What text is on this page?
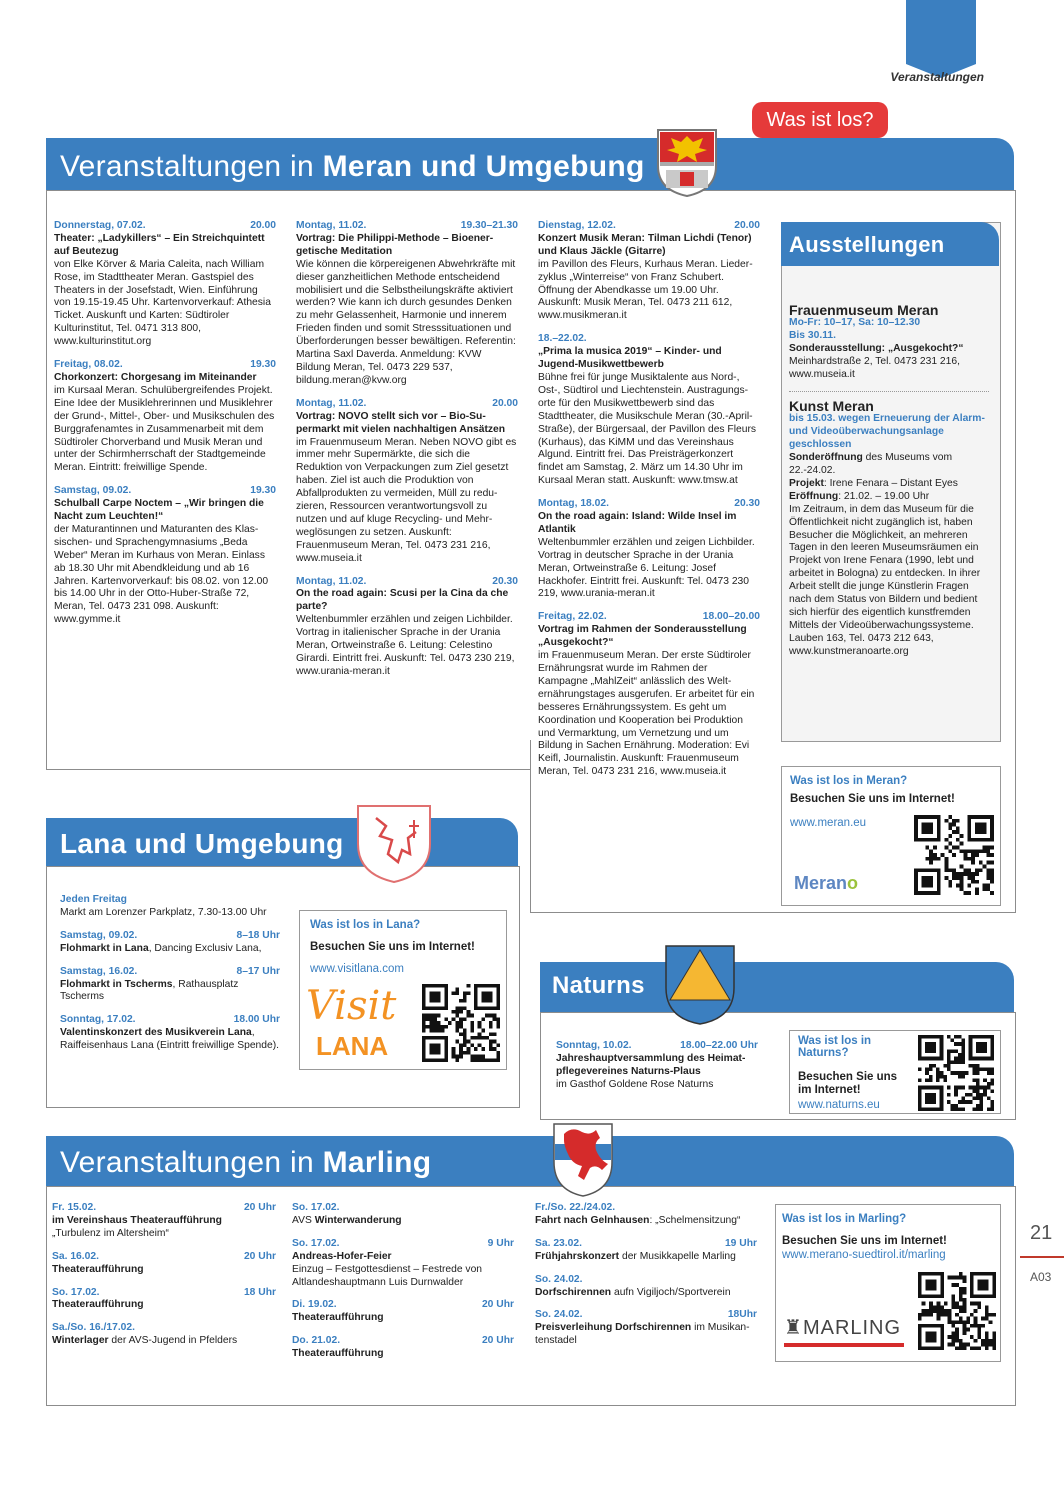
Veranstaltungen
Was ist los?
Veranstaltungen in Meran und Umgebung
Donnerstag, 07.02.	20.00
Theater: „Ladykillers“ – Ein Streichquintett auf Beutezug
von Elke Körver & Maria Caleita, nach William Rose, im Stadttheater Meran. Gastspiel des Theaters in der Josefstadt, Wien. Einführung von 19.15-19.45 Uhr. Kartenvorverkauf: Athesia Ticket. Auskunft und Karten: Südtiroler Kulturinstitut, Tel. 0471 313 800, www.kulturinstitut.org
Freitag, 08.02.	19.30
Chorkonzert: Chorgesang im Miteinander
im Kursaal Meran. Schulübergreifendes Projekt. Eine Idee der Musiklehrerinnen und Musiklehrer der Grund-, Mittel-, Ober- und Musikschulen des Burggrafenamtes in Zusammenarbeit mit dem Südtiroler Chorverband und Musik Meran und unter der Schirmherrschaft der Stadtgemeinde Meran. Eintritt: freiwillige Spende.
Samstag, 09.02.	19.30
Schulball Carpe Noctem – „Wir bringen die Nacht zum Leuchten!“
der Maturantinnen und Maturanten des Klassischen- und Sprachengymnasiums „Beda Weber“ Meran im Kurhaus von Meran. Einlass ab 18.30 Uhr mit Abendkleidung und ab 16 Jahren. Kartenvorverkauf: bis 08.02. von 12.00 bis 14.00 Uhr in der Otto-Huber-Straße 72, Meran, Tel. 0473 231 098. Auskunft: www.gymme.it
Montag, 11.02.	19.30–21.30
Vortrag: Die Philippi-Methode – Bioenergetische Meditation
Wie können die körpereigenen Abwehrkräfte mit dieser ganzheitlichen Methode entscheidend mobilisiert und die Selbstheilungskräfte aktiviert werden? Wie kann ich durch gesundes Denken zu mehr Gelassenheit, Harmonie und innerem Frieden finden und somit Stresssituationen und Überforderungen besser bewältigen. Referentin: Martina Saxl Daverda. Anmeldung: KVW Bildung Meran, Tel. 0473 229 537, bildung.meran@kvw.org
Montag, 11.02.	20.00
Vortrag: NOVO stellt sich vor – Bio-Supermarkt mit vielen nachhaltigen Ansätzen
im Frauenmuseum Meran. Neben NOVO gibt es immer mehr Supermärkte, die sich die Reduktion von Verpackungen zum Ziel gesetzt haben. Ziel ist auch die Produktion von Abfallprodukten zu vermeiden, Müll zu reduzieren, Ressourcen verantwortungsvoll zu nutzen und auf kluge Recycling- und Mehrweglösungen zu setzen. Auskunft: Frauenmuseum Meran, Tel. 0473 231 216, www.museia.it
Montag, 11.02.	20.30
On the road again: Scusi per la Cina da che parte?
Weltenbummler erzählen und zeigen Lichbilder. Vortrag in italienischer Sprache in der Urania Meran, Ortweinstraße 6. Leitung: Celestino Girardi. Eintritt frei. Auskunft: Tel. 0473 230 219, www.urania-meran.it
Dienstag, 12.02.	20.00
Konzert Musik Meran: Tilman Lichdi (Tenor) und Klaus Jäckle (Gitarre)
im Pavillon des Fleurs, Kurhaus Meran. Liederzyklus „Winterreise“ von Franz Schubert. Öffnung der Abendkasse um 19.00 Uhr. Auskunft: Musik Meran, Tel. 0473 211 612, www.musikmeran.it
18.–22.02.
„Prima la musica 2019“ – Kinder- und Jugend-Musikwettbewerb
Bühne frei für junge Musiktalente aus Nord-, Ost-, Südtirol und Liechtenstein. Austragungsorte für den Musikwettbewerb sind das Stadttheater, die Musikschule Meran (30.-April-Straße), der Bürgersaal, der Pavillon des Fleurs (Kurhaus), das KiMM und das Vereinshaus Algund. Eintritt frei. Das Preisträgerkonzert findet am Samstag, 2. März um 14.30 Uhr im Kursaal Meran statt. Auskunft: www.tmsw.at
Montag, 18.02.	20.30
On the road again: Island: Wilde Insel im Atlantik
Weltenbummler erzählen und zeigen Lichbilder. Vortrag in deutscher Sprache in der Urania Meran, Ortweinstraße 6. Leitung: Josef Hackhofer. Eintritt frei. Auskunft: Tel. 0473 230 219, www.urania-meran.it
Freitag, 22.02.	18.00–20.00
Vortrag im Rahmen der Sonderausstellung „Ausgekocht?“
im Frauenmuseum Meran. Der erste Südtiroler Ernährungsrat wurde im Rahmen der Kampagne „MahlZeit“ anlässlich des Welternährungstages ausgerufen. Er arbeitet für ein besseres Ernährungssystem. Es geht um Koordination und Kooperation bei Produktion und Vermarktung, um Vernetzung und um Bildung in Sachen Ernährung. Moderation: Evi Keifl, Journalistin. Auskunft: Frauenmuseum Meran, Tel. 0473 231 216, www.museia.it
Ausstellungen
Frauenmuseum Meran
Mo-Fr: 10–17, Sa: 10–12.30
Bis 30.11.
Sonderausstellung: „Ausgekocht?“
Meinhardstraße 2, Tel. 0473 231 216, www.museia.it
Kunst Meran
bis 15.03. wegen Erneuerung der Alarm- und Videoüberwachungsanlage geschlossen
Sonderöffnung des Museums vom 22.-24.02.
Projekt: Irene Fenara – Distant Eyes
Eröffnung: 21.02. – 19.00 Uhr
Im Zeitraum, in dem das Museum für die Öffentlichkeit nicht zugänglich ist, haben Besucher die Möglichkeit, an mehreren Tagen in den leeren Museumsräumen ein Projekt von Irene Fenara (1990, lebt und arbeitet in Bologna) zu entdecken. In ihrer Arbeit stellt die junge Künstlerin Fragen nach dem Status von Bildern und bedient sich hierfür des eigentlich kunstfremden Mittels der Videoüberwachungssysteme. Lauben 163, Tel. 0473 212 643, www.kunstmeranoarte.org
Was ist los in Meran?
Besuchen Sie uns im Internet!
www.meran.eu
Merano
Lana und Umgebung
Jeden Freitag
Markt am Lorenzer Parkplatz, 7.30-13.00 Uhr
Samstag, 09.02.	8–18 Uhr
Flohmarkt in Lana, Dancing Exclusiv Lana,
Samstag, 16.02.	8–17 Uhr
Flohmarkt in Tscherms, Rathausplatz Tscherms
Sonntag, 17.02.	18.00 Uhr
Valentinskonzert des Musikverein Lana, Raiffeisenhaus Lana (Eintritt freiwillige Spende).
Was ist los in Lana?
Besuchen Sie uns im Internet!
www.visitlana.com
Visit
LANA
Naturns
Sonntag, 10.02.	18.00–22.00 Uhr
Jahreshauptversammlung des Heimatpflegevereines Naturns-Plaus
im Gasthof Goldene Rose Naturns
Was ist los in Naturns?
Besuchen Sie uns im Internet!
www.naturns.eu
Veranstaltungen in Marling
Fr. 15.02.	20 Uhr
im Vereinshaus Theateraufführung
„Turbulenz im Altersheim“
Sa. 16.02.	20 Uhr
Theateraufführung
So. 17.02.	18 Uhr
Theateraufführung
Sa./So. 16./17.02.
Winterlager der AVS-Jugend in Pfelders
So. 17.02.
AVS Winterwanderung
So. 17.02.	9 Uhr
Andreas-Hofer-Feier
Einzug – Festgottesdienst – Festrede von Altlandeshauptmann Luis Durnwalder
Di. 19.02.	20 Uhr
Theateraufführung
Do. 21.02.	20 Uhr
Theateraufführung
Fr./So. 22./24.02.
Fahrt nach Gelnhausen: „Schelmensitzung“
Sa. 23.02.	19 Uhr
Frühjahrskonzert der Musikkapelle Marling
So. 24.02.
Dorfschirennen aufn Vigiljoch/Sportverein
So. 24.02.	18Uhr
Preisverleihung Dorfschirennen im Musikantenstadel
Was ist los in Marling?
Besuchen Sie uns im Internet!
www.merano-suedtirol.it/marling
♜MARLING
21
A03
